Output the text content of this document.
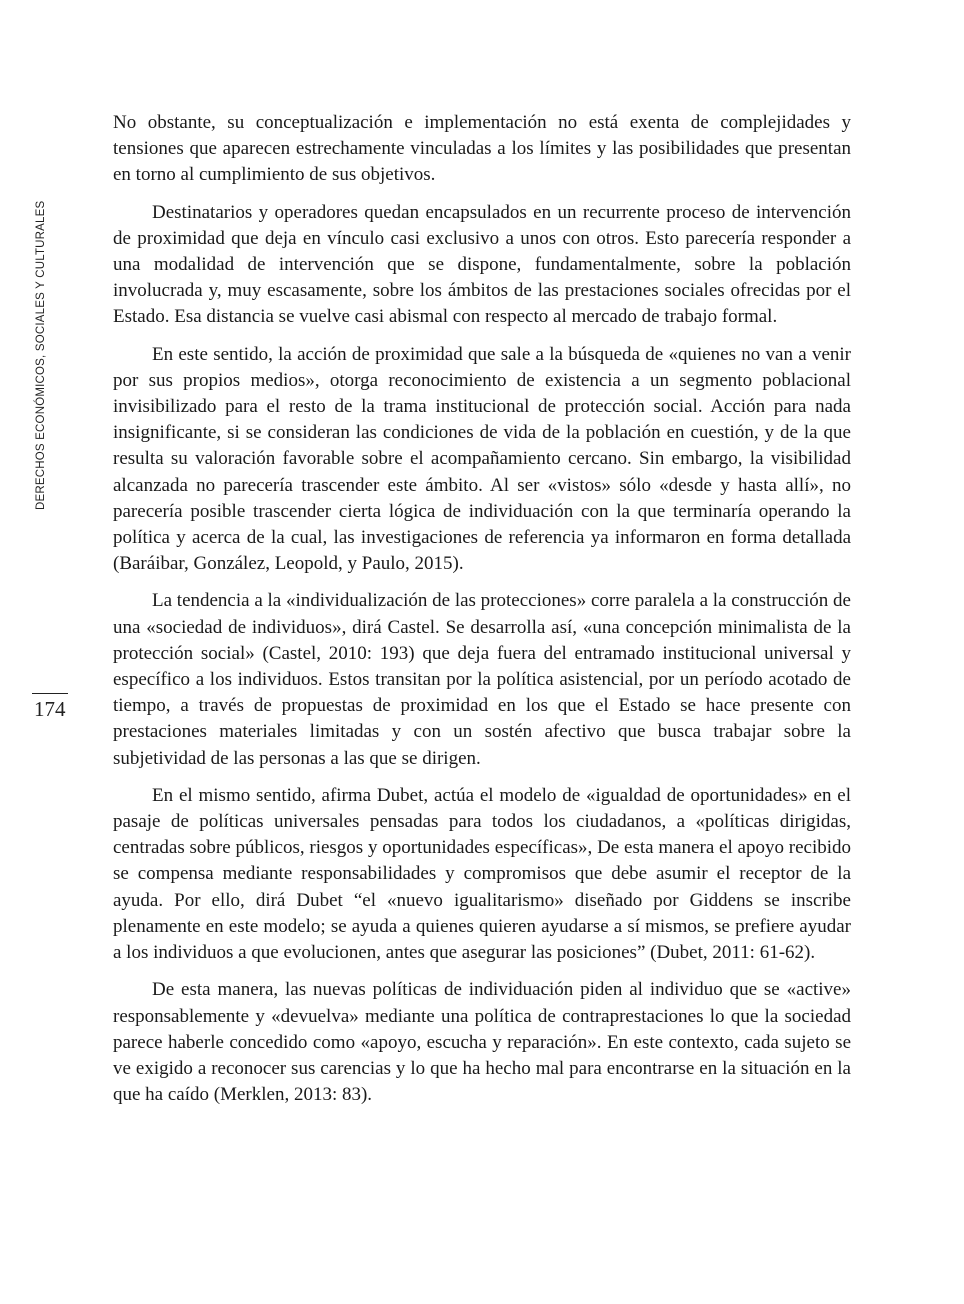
DERECHOS ECONÓMICOS, SOCIALES Y CULTURALES
174

No obstante, su conceptualización e implementación no está exenta de complejidades y tensiones que aparecen estrechamente vinculadas a los límites y las posibilidades que presentan en torno al cumplimiento de sus objetivos.

Destinatarios y operadores quedan encapsulados en un recurrente proceso de intervención de proximidad que deja en vínculo casi exclusivo a unos con otros. Esto parecería responder a una modalidad de intervención que se dispone, fundamentalmente, sobre la población involucrada y, muy escasamente, sobre los ámbitos de las prestaciones sociales ofrecidas por el Estado. Esa distancia se vuelve casi abismal con respecto al mercado de trabajo formal.

En este sentido, la acción de proximidad que sale a la búsqueda de «quienes no van a venir por sus propios medios», otorga reconocimiento de existencia a un segmento poblacional invisibilizado para el resto de la trama institucional de protección social. Acción para nada insignificante, si se consideran las condiciones de vida de la población en cuestión, y de la que resulta su valoración favorable sobre el acompañamiento cercano. Sin embargo, la visibilidad alcanzada no parecería trascender este ámbito. Al ser «vistos» sólo «desde y hasta allí», no parecería posible trascender cierta lógica de individuación con la que terminaría operando la política y acerca de la cual, las investigaciones de referencia ya informaron en forma detallada (Baráibar, González, Leopold, y Paulo, 2015).

La tendencia a la «individualización de las protecciones» corre paralela a la construcción de una «sociedad de individuos», dirá Castel. Se desarrolla así, «una concepción minimalista de la protección social» (Castel, 2010: 193) que deja fuera del entramado institucional universal y específico a los individuos. Estos transitan por la política asistencial, por un período acotado de tiempo, a través de propuestas de proximidad en los que el Estado se hace presente con prestaciones materiales limitadas y con un sostén afectivo que busca trabajar sobre la subjetividad de las personas a las que se dirigen.

En el mismo sentido, afirma Dubet, actúa el modelo de «igualdad de oportunidades» en el pasaje de políticas universales pensadas para todos los ciudadanos, a «políticas dirigidas, centradas sobre públicos, riesgos y oportunidades específicas», De esta manera el apoyo recibido se compensa mediante responsabilidades y compromisos que debe asumir el receptor de la ayuda. Por ello, dirá Dubet “el «nuevo igualitarismo» diseñado por Giddens se inscribe plenamente en este modelo; se ayuda a quienes quieren ayudarse a sí mismos, se prefiere ayudar a los individuos a que evolucionen, antes que asegurar las posiciones” (Dubet, 2011: 61-62).

De esta manera, las nuevas políticas de individuación piden al individuo que se «active» responsablemente y «devuelva» mediante una política de contraprestaciones lo que la sociedad parece haberle concedido como «apoyo, escucha y reparación». En este contexto, cada sujeto se ve exigido a reconocer sus carencias y lo que ha hecho mal para encontrarse en la situación en la que ha caído (Merklen, 2013: 83).
